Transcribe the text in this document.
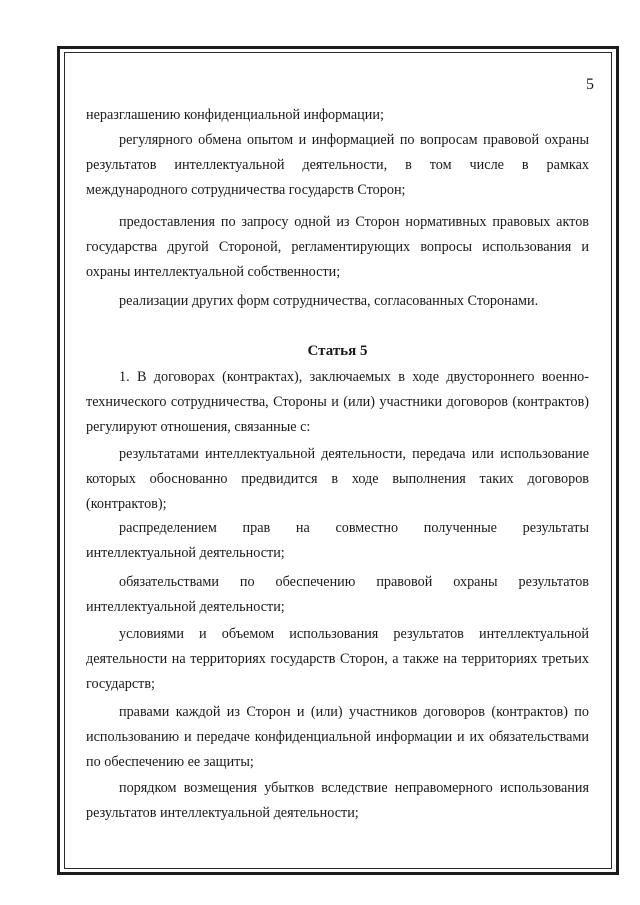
5

неразглашению конфиденциальной информации;

регулярного обмена опытом и информацией по вопросам правовой охраны результатов интеллектуальной деятельности, в том числе в рамках международного сотрудничества государств Сторон;

предоставления по запросу одной из Сторон нормативных правовых актов государства другой Стороной, регламентирующих вопросы использования и охраны интеллектуальной собственности;

реализации других форм сотрудничества, согласованных Сторонами.

Статья 5

1. В договорах (контрактах), заключаемых в ходе двустороннего военно-технического сотрудничества, Стороны и (или) участники договоров (контрактов) регулируют отношения, связанные с:

результатами интеллектуальной деятельности, передача или использование которых обоснованно предвидится в ходе выполнения таких договоров (контрактов);

распределением прав на совместно полученные результаты интеллектуальной деятельности;

обязательствами по обеспечению правовой охраны результатов интеллектуальной деятельности;

условиями и объемом использования результатов интеллектуальной деятельности на территориях государств Сторон, а также на территориях третьих государств;

правами каждой из Сторон и (или) участников договоров (контрактов) по использованию и передаче конфиденциальной информации и их обязательствами по обеспечению ее защиты;

порядком возмещения убытков вследствие неправомерного использования результатов интеллектуальной деятельности;
